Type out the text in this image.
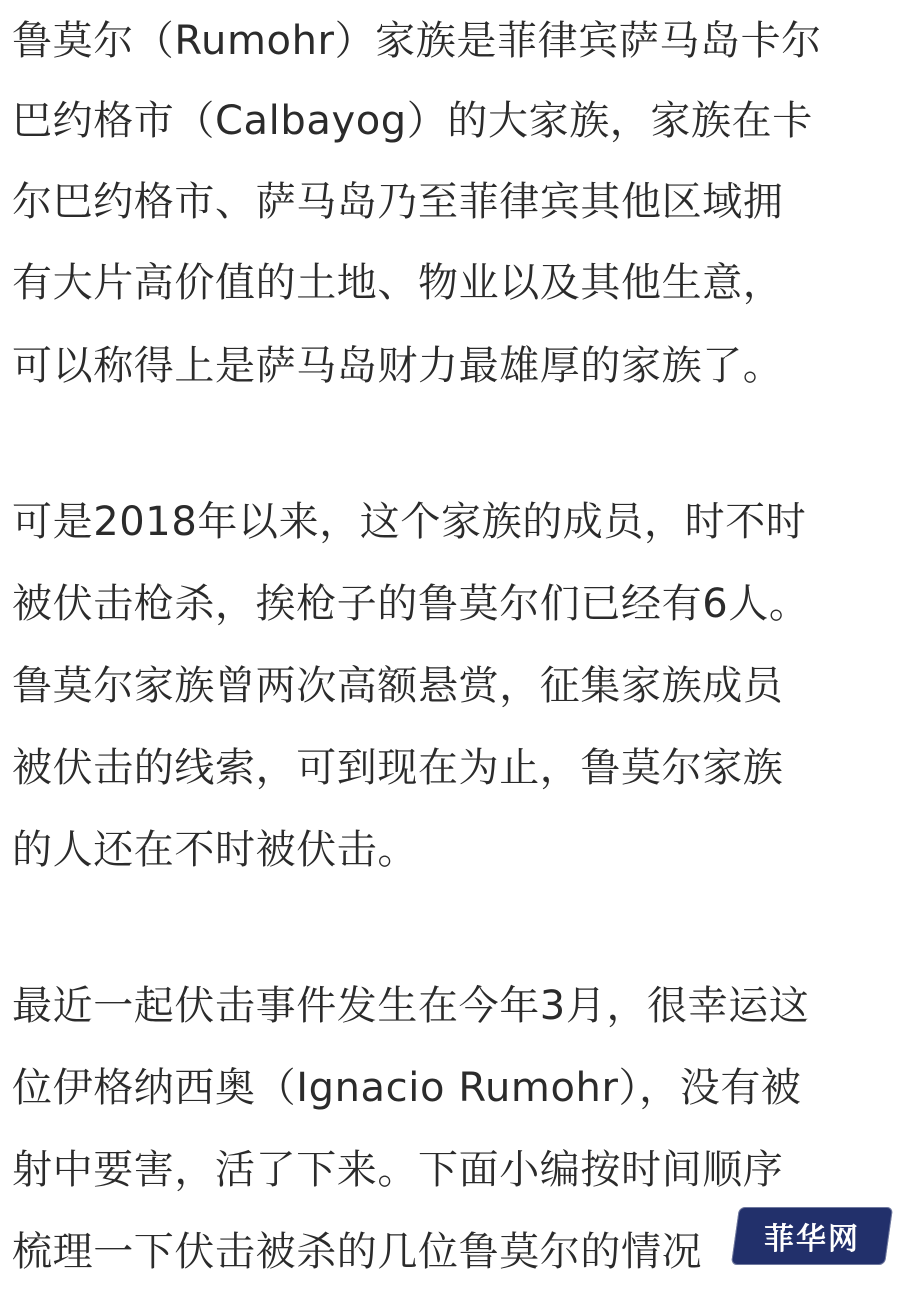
鲁莫尔（Rumohr）家族是菲律宾萨马岛卡尔
巴约格市（Calbayog）的大家族，家族在卡
尔巴约格市、萨马岛乃至菲律宾其他区域拥
有大片高价值的土地、物业以及其他生意，
可以称得上是萨马岛财力最雄厚的家族了。
可是2018年以来，这个家族的成员，时不时
被伏击枪杀，挨枪子的鲁莫尔们已经有6人。
鲁莫尔家族曾两次高额悬赏，征集家族成员
被伏击的线索，可到现在为止，鲁莫尔家族
的人还在不时被伏击。
最近一起伏击事件发生在今年3月，很幸运这
位伊格纳西奥（Ignacio Rumohr），没有被
射中要害，活了下来。下面小编按时间顺序
梳理一下伏击被杀的几位鲁莫尔的情况	菲华网
